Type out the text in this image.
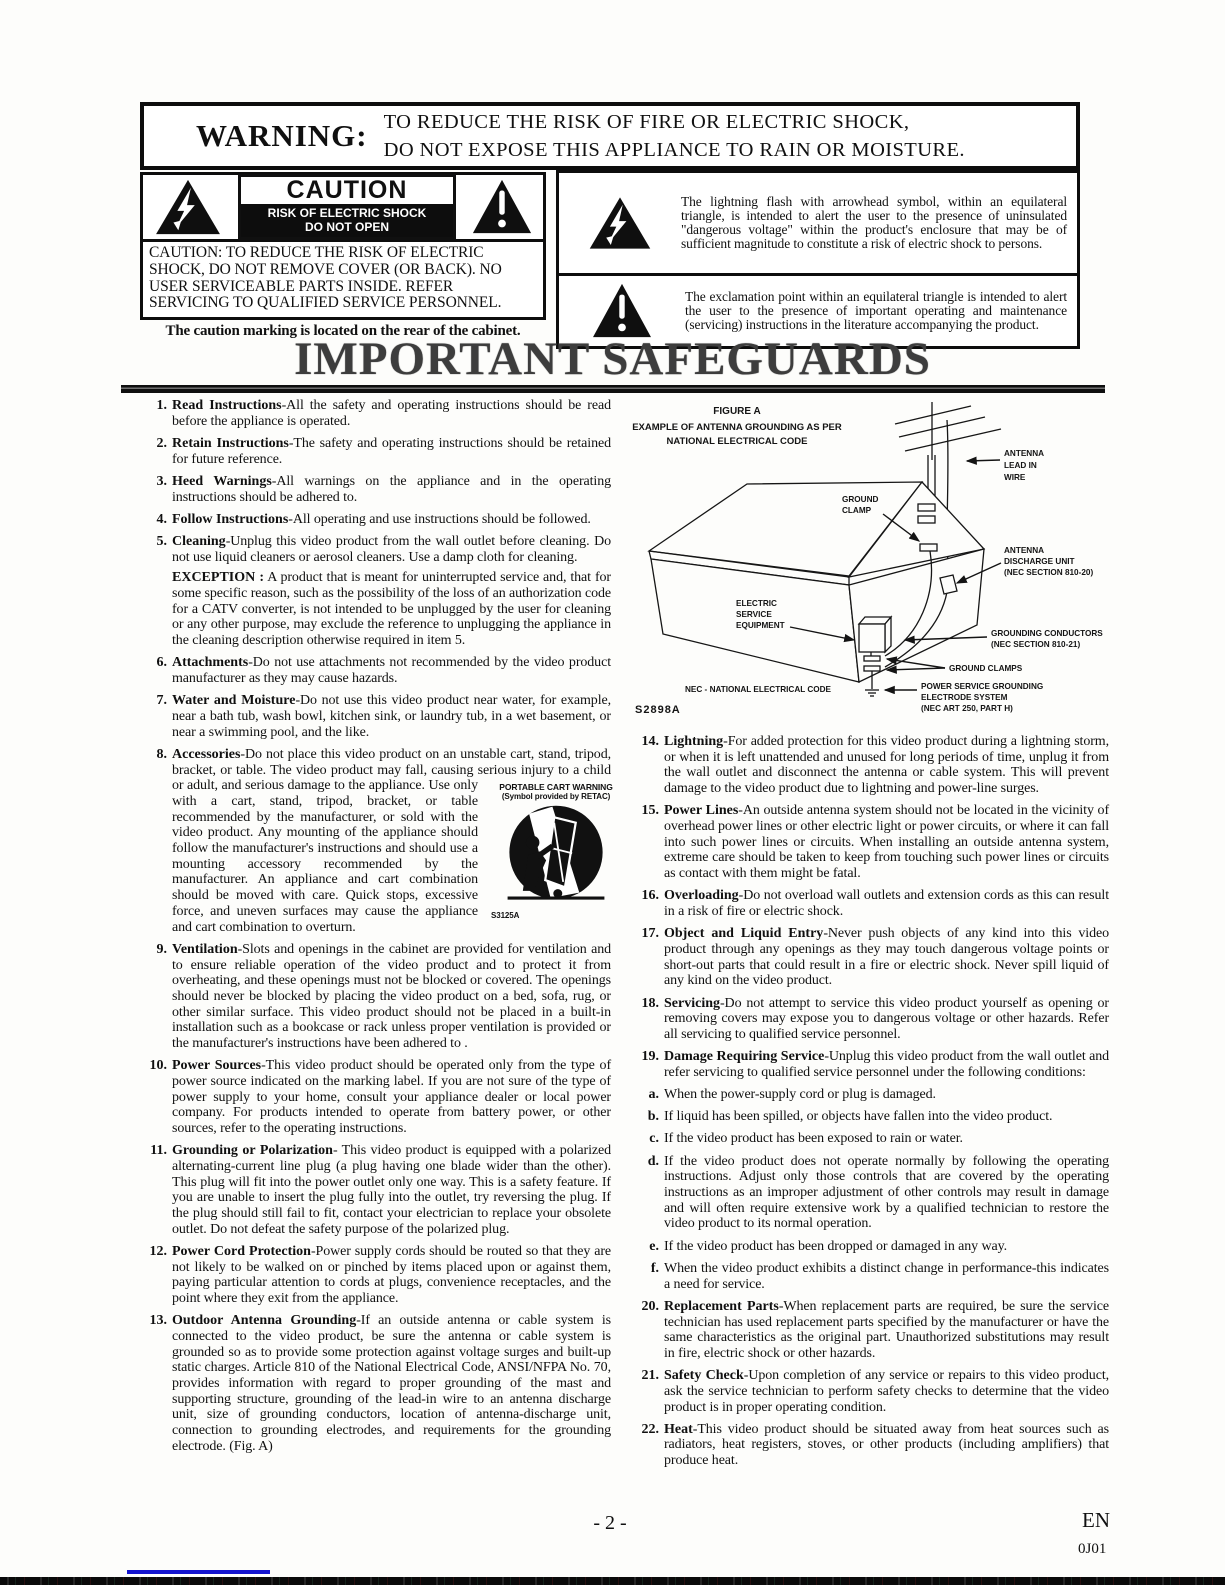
WARNING: TO REDUCE THE RISK OF FIRE OR ELECTRIC SHOCK,
DO NOT EXPOSE THIS APPLIANCE TO RAIN OR MOISTURE.
CAUTION
RISK OF ELECTRIC SHOCK
DO NOT OPEN
CAUTION: TO REDUCE THE RISK OF ELECTRIC SHOCK, DO NOT REMOVE COVER (OR BACK). NO USER SERVICEABLE PARTS INSIDE. REFER SERVICING TO QUALIFIED SERVICE PERSONNEL.
The caution marking is located on the rear of the cabinet.
The lightning flash with arrowhead symbol, within an equilateral triangle, is intended to alert the user to the presence of uninsulated "dangerous voltage" within the product's enclosure that may be of sufficient magnitude to constitute a risk of electric shock to persons.
The exclamation point within an equilateral triangle is intended to alert the user to the presence of important operating and maintenance (servicing) instructions in the literature accompanying the product.
IMPORTANT SAFEGUARDS
1. Read Instructions-All the safety and operating instructions should be read before the appliance is operated.

2. Retain Instructions-The safety and operating instructions should be retained for future reference.

3. Heed Warnings-All warnings on the appliance and in the operating instructions should be adhered to.

4. Follow Instructions-All operating and use instructions should be followed.

5. Cleaning-Unplug this video product from the wall outlet before cleaning. Do not use liquid cleaners or aerosol cleaners. Use a damp cloth for cleaning.

EXCEPTION : A product that is meant for uninterrupted service and, that for some specific reason, such as the possibility of the loss of an authorization code for a CATV converter, is not intended to be unplugged by the user for cleaning or any other purpose, may exclude the reference to unplugging the appliance in the cleaning description otherwise required in item 5.

6. Attachments-Do not use attachments not recommended by the video product manufacturer as they may cause hazards.

7. Water and Moisture-Do not use this video product near water, for example, near a bath tub, wash bowl, kitchen sink, or laundry tub, in a wet basement, or near a swimming pool, and the like.

8. Accessories-Do not place this video product on an unstable cart, stand, tripod, bracket, or table. The video product may fall, causing serious injury to
PORTABLE CART WARNING
(Symbol provided by RETAC)
S3125A
a child or adult, and serious damage to the appliance. Use only with a cart, stand, tripod, bracket, or table recommended by the manufacturer, or sold with the video product. Any mounting of the appliance should follow the manufacturer's instructions and should use a mounting accessory recommended by the manufacturer. An appliance and cart combination should be moved with care. Quick stops, excessive force, and uneven surfaces may cause the appliance and cart combination to overturn.

9. Ventilation-Slots and openings in the cabinet are provided for ventilation and to ensure reliable operation of the video product and to protect it from overheating, and these openings must not be blocked or covered. The openings should never be blocked by placing the video product on a bed, sofa, rug, or other similar surface. This video product should not be placed in a built-in installation such as a bookcase or rack unless proper ventilation is provided or the manufacturer's instructions have been adhered to .

10. Power Sources-This video product should be operated only from the type of power source indicated on the marking label. If you are not sure of the type of power supply to your home, consult your appliance dealer or local power company. For products intended to operate from battery power, or other sources, refer to the operating instructions.

11. Grounding or Polarization- This video product is equipped with a polarized alternating-current line plug (a plug having one blade wider than the other). This plug will fit into the power outlet only one way. This is a safety feature. If you are unable to insert the plug fully into the outlet, try reversing the plug. If the plug should still fail to fit, contact your electrician to replace your obsolete outlet. Do not defeat the safety purpose of the polarized plug.

12. Power Cord Protection-Power supply cords should be routed so that they are not likely to be walked on or pinched by items placed upon or against them, paying particular attention to cords at plugs, convenience receptacles, and the point where they exit from the appliance.

13. Outdoor Antenna Grounding-If an outside antenna or cable system is connected to the video product, be sure the antenna or cable system is grounded so as to provide some protection against voltage surges and built-up static charges. Article 810 of the National Electrical Code, ANSI/NFPA No. 70, provides information with regard to proper grounding of the mast and supporting structure, grounding of the lead-in wire to an antenna discharge unit, size of grounding conductors, location of antenna-discharge unit, connection to grounding electrodes, and requirements for the grounding electrode. (Fig. A)

FIGURE A
EXAMPLE OF ANTENNA GROUNDING AS PER
NATIONAL ELECTRICAL CODE
ANTENNA
LEAD IN
WIRE
GROUND
CLAMP
ANTENNA
DISCHARGE UNIT
(NEC SECTION 810-20)
ELECTRIC
SERVICE
EQUIPMENT
GROUNDING CONDUCTORS
(NEC SECTION 810-21)
GROUND CLAMPS
POWER SERVICE GROUNDING
ELECTRODE SYSTEM
(NEC ART 250, PART H)
NEC - NATIONAL ELECTRICAL CODE
S2898A
14. Lightning-For added protection for this video product during a lightning storm, or when it is left unattended and unused for long periods of time, unplug it from the wall outlet and disconnect the antenna or cable system. This will prevent damage to the video product due to lightning and power-line surges.

15. Power Lines-An outside antenna system should not be located in the vicinity of overhead power lines or other electric light or power circuits, or where it can fall into such power lines or circuits. When installing an outside antenna system, extreme care should be taken to keep from touching such power lines or circuits as contact with them might be fatal.

16. Overloading-Do not overload wall outlets and extension cords as this can result in a risk of fire or electric shock.

17. Object and Liquid Entry-Never push objects of any kind into this video product through any openings as they may touch dangerous voltage points or short-out parts that could result in a fire or electric shock. Never spill liquid of any kind on the video product.

18. Servicing-Do not attempt to service this video product yourself as opening or removing covers may expose you to dangerous voltage or other hazards. Refer all servicing to qualified service personnel.

19. Damage Requiring Service-Unplug this video product from the wall outlet and refer servicing to qualified service personnel under the following conditions:

a. When the power-supply cord or plug is damaged.

b. If liquid has been spilled, or objects have fallen into the video product.

c. If the video product has been exposed to rain or water.

d. If the video product does not operate normally by following the operating instructions. Adjust only those controls that are covered by the operating instructions as an improper adjustment of other controls may result in damage and will often require extensive work by a qualified technician to restore the video product to its normal operation.

e. If the video product has been dropped or damaged in any way.

f. When the video product exhibits a distinct change in performance-this indicates a need for service.

20. Replacement Parts-When replacement parts are required, be sure the service technician has used replacement parts specified by the manufacturer or have the same characteristics as the original part. Unauthorized substitutions may result in fire, electric shock or other hazards.

21. Safety Check-Upon completion of any service or repairs to this video product, ask the service technician to perform safety checks to determine that the video product is in proper operating condition.

22. Heat-This video product should be situated away from heat sources such as radiators, heat registers, stoves, or other products (including amplifiers) that produce heat.

- 2 -	EN
0J01
